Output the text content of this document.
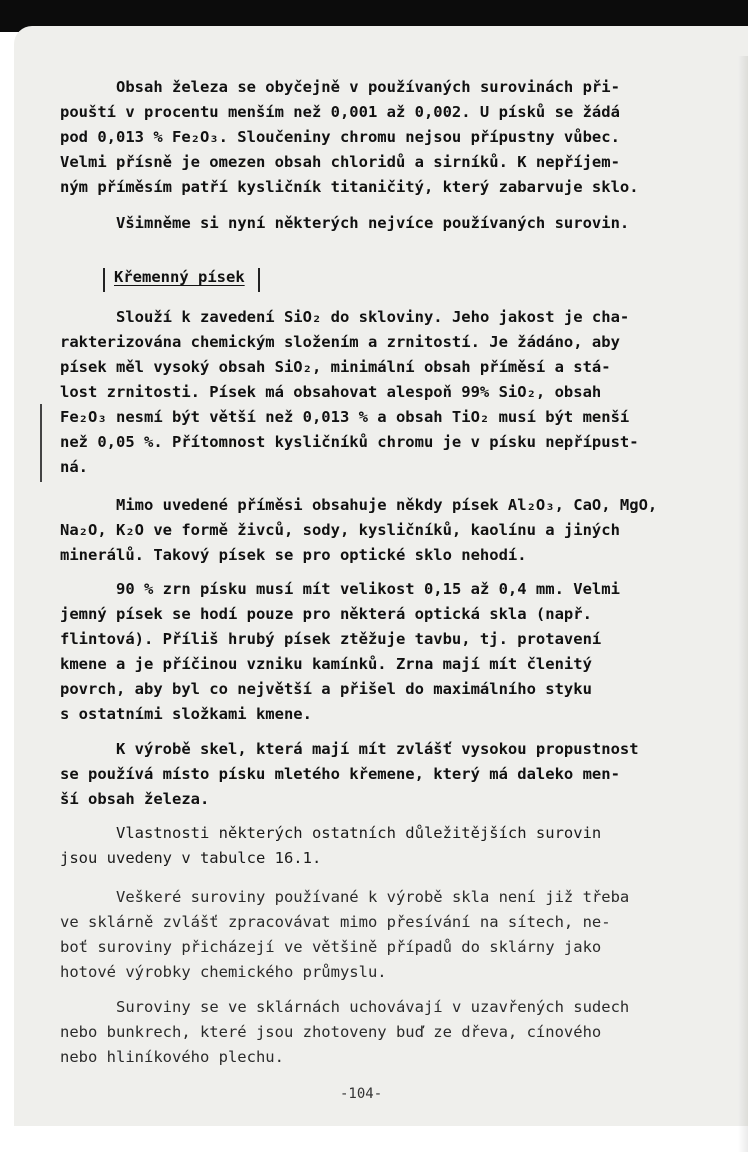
Obsah železa se obyčejně v používaných surovinách při-

pouští v procentu menším než 0,001 až 0,002. U písků se žádá

pod 0,013 % Fe₂O₃. Sloučeniny chromu nejsou přípustny vůbec.

Velmi přísně je omezen obsah chloridů a sirníků. K nepříjem-

ným příměsím patří kysličník titaničitý, který zabarvuje sklo.

Všimněme si nyní některých nejvíce používaných surovin.

Křemenný písek

Slouží k zavedení SiO₂ do skloviny. Jeho jakost je cha-

rakterizována chemickým složením a zrnitostí. Je žádáno, aby

písek měl vysoký obsah SiO₂, minimální obsah příměsí a stá-

lost zrnitosti. Písek má obsahovat alespoň 99% SiO₂, obsah

Fe₂O₃ nesmí být větší než 0,013 % a obsah TiO₂ musí být menší

než 0,05 %. Přítomnost kysličníků chromu je v písku nepřípust-

ná.

Mimo uvedené příměsi obsahuje někdy písek Al₂O₃, CaO, MgO,

Na₂O, K₂O ve formě živců, sody, kysličníků, kaolínu a jiných

minerálů. Takový písek se pro optické sklo nehodí.

90 % zrn písku musí mít velikost 0,15 až 0,4 mm. Velmi

jemný písek se hodí pouze pro některá optická skla (např.

flintová). Příliš hrubý písek ztěžuje tavbu, tj. protavení

kmene a je příčinou vzniku kamínků. Zrna mají mít členitý

povrch, aby byl co největší a přišel do maximálního styku

s ostatními složkami kmene.

K výrobě skel, která mají mít zvlášť vysokou propustnost

se používá místo písku mletého křemene, který má daleko men-

ší obsah železa.

Vlastnosti některých ostatních důležitějších surovin

jsou uvedeny v tabulce 16.1.

Veškeré suroviny používané k výrobě skla není již třeba

ve sklárně zvlášť zpracovávat mimo přesívání na sítech, ne-

boť suroviny přicházejí ve většině případů do sklárny jako

hotové výrobky chemického průmyslu.

Suroviny se ve sklárnách uchovávají v uzavřených sudech

nebo bunkrech, které jsou zhotoveny buď ze dřeva, cínového

nebo hliníkového plechu.

-104-
